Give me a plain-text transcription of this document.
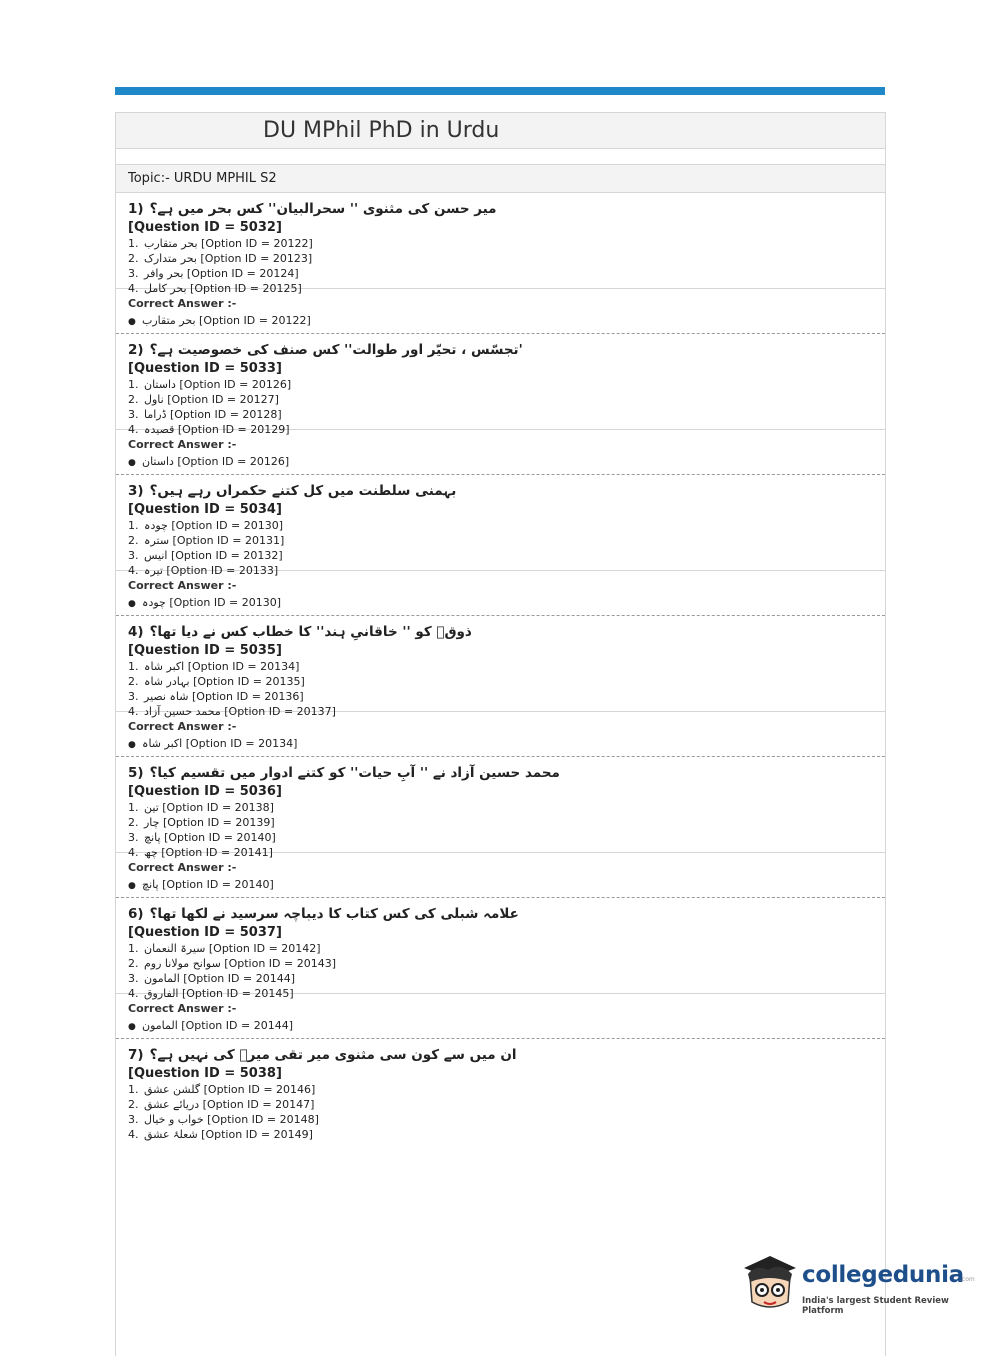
DU MPhil PhD in Urdu
Topic:- URDU MPHIL S2
1) میر حسن کی مثنوی '' سحرالبیان'' کس بحر میں ہے؟
[Question ID = 5032]
1. بحر متقارب [Option ID = 20122]
2. بحر متدارک [Option ID = 20123]
3. بحر وافر [Option ID = 20124]
4. بحر کامل [Option ID = 20125]
Correct Answer :-
● بحر متقارب [Option ID = 20122]
2) 'تجسّس ، تحیّر اور طوالت'' کس صنف کی خصوصیت ہے؟
[Question ID = 5033]
1. داستان [Option ID = 20126]
2. ناول [Option ID = 20127]
3. ڈراما [Option ID = 20128]
4. قصیدہ [Option ID = 20129]
Correct Answer :-
● داستان [Option ID = 20126]
3) بہمنی سلطنت میں کل کتنے حکمراں رہے ہیں؟
[Question ID = 5034]
1. چودہ [Option ID = 20130]
2. سترہ [Option ID = 20131]
3. انیس [Option ID = 20132]
4. تیرہ [Option ID = 20133]
Correct Answer :-
● چودہ [Option ID = 20130]
4) ذوقؔ کو '' خاقانیِ ہند'' کا خطاب کس نے دیا تھا؟
[Question ID = 5035]
1. اکبر شاہ [Option ID = 20134]
2. بہادر شاہ [Option ID = 20135]
3. شاہ نصیر [Option ID = 20136]
4. محمد حسین آزاد [Option ID = 20137]
Correct Answer :-
● اکبر شاہ [Option ID = 20134]
5) محمد حسین آزاد نے '' آبِ حیات'' کو کتنے ادوار میں تقسیم کیا؟
[Question ID = 5036]
1. تین [Option ID = 20138]
2. چار [Option ID = 20139]
3. پانچ [Option ID = 20140]
4. چھ [Option ID = 20141]
Correct Answer :-
● پانچ [Option ID = 20140]
6) علامہ شبلی کی کس کتاب کا دیباچہ سرسید نے لکھا تھا؟
[Question ID = 5037]
1. سیرۃ النعمان [Option ID = 20142]
2. سوانح مولانا روم [Option ID = 20143]
3. المامون [Option ID = 20144]
4. الفاروق [Option ID = 20145]
Correct Answer :-
● المامون [Option ID = 20144]
7) ان میں سے کون سی مثنوی میر تقی میرؔ کی نہیں ہے؟
[Question ID = 5038]
1. گلشن عشق [Option ID = 20146]
2. دریائے عشق [Option ID = 20147]
3. خواب و خیال [Option ID = 20148]
4. شعلۂ عشق [Option ID = 20149]
collegedunia
.com
India's largest Student Review Platform
